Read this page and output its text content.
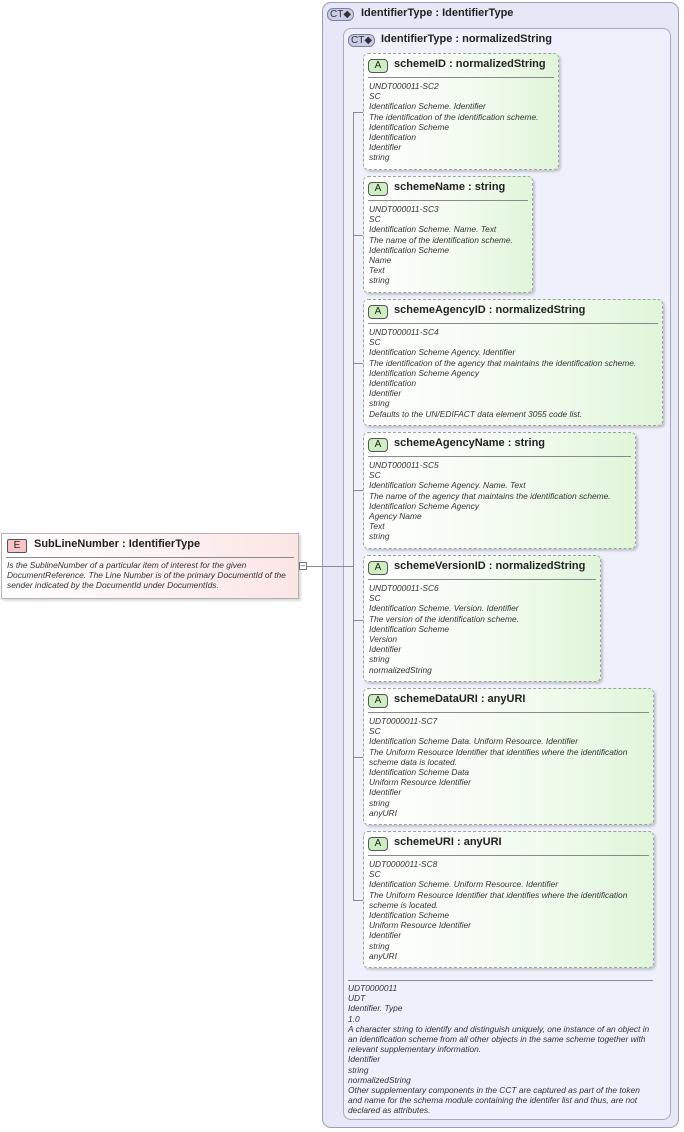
CT◆ IdentifierType : IdentifierType
CT◆ IdentifierType : normalizedString
E	SubLineNumber : IdentifierType
Is the SublineNumber of a particular item of interest for the given DocumentReference. The Line Number is of the primary DocumentId of the sender indicated by the DocumentId under DocumentIds.
–
A	schemeID : normalizedString
UNDT000011-SC2
SC
Identification Scheme. Identifier
The identification of the identification scheme.
Identification Scheme
Identification
Identifier
string
A	schemeName : string
UNDT000011-SC3
SC
Identification Scheme. Name. Text
The name of the identification scheme.
Identification Scheme
Name
Text
string
A	schemeAgencyID : normalizedString
UNDT000011-SC4
SC
Identification Scheme Agency. Identifier
The identification of the agency that maintains the identification scheme.
Identification Scheme Agency
Identification
Identifier
string
Defaults to the UN/EDIFACT data element 3055 code list.
A	schemeAgencyName : string
UNDT000011-SC5
SC
Identification Scheme Agency. Name. Text
The name of the agency that maintains the identification scheme.
Identification Scheme Agency
Agency Name
Text
string
A	schemeVersionID : normalizedString
UNDT000011-SC6
SC
Identification Scheme. Version. Identifier
The version of the identification scheme.
Identification Scheme
Version
Identifier
string
normalizedString
A	schemeDataURI : anyURI
UDT0000011-SC7
SC
Identification Scheme Data. Uniform Resource. Identifier
The Uniform Resource Identifier that identifies where the identification scheme data is located.
Identification Scheme Data
Uniform Resource Identifier
Identifier
string
anyURI
A	schemeURI : anyURI
UDT0000011-SC8
SC
Identification Scheme. Uniform Resource. Identifier
The Uniform Resource Identifier that identifies where the identification scheme is located.
Identification Scheme
Uniform Resource Identifier
Identifier
string
anyURI
UDT0000011
UDT
Identifier. Type
1.0
A character string to identify and distinguish uniquely, one instance of an object in an identification scheme from all other objects in the same scheme together with relevant supplementary information.
Identifier
string
normalizedString
Other supplementary components in the CCT are captured as part of the token and name for the schema module containing the identifer list and thus, are not declared as attributes.
